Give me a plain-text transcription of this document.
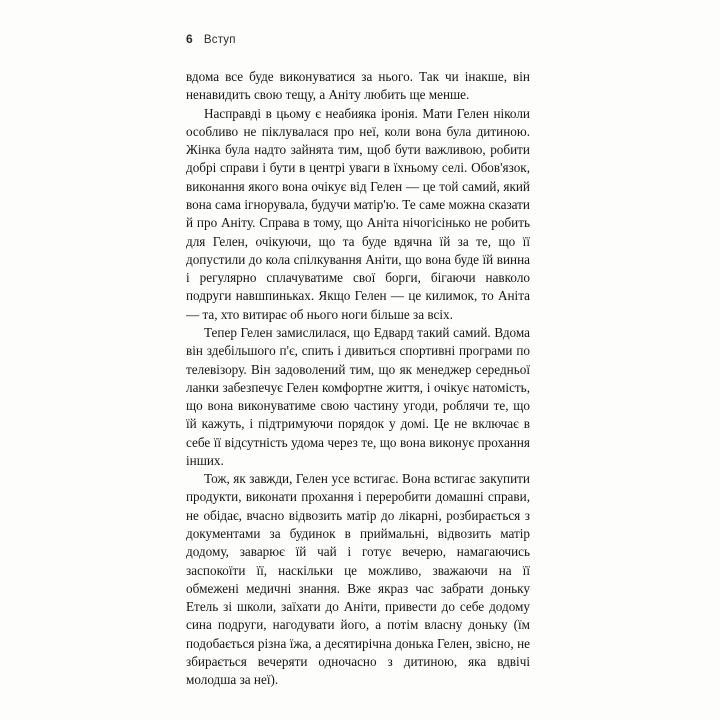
6 Вступ

вдома все буде виконуватися за нього. Так чи інакше, він ненавидить свою тещу, а Аніту любить ще менше.

Насправді в цьому є неабияка іронія. Мати Гелен ніколи особливо не піклувалася про неї, коли вона була дитиною. Жінка була надто зайнята тим, щоб бути важливою, робити добрі справи і бути в центрі уваги в їхньому селі. Обов'язок, виконання якого вона очікує від Гелен — це той самий, який вона сама ігнорувала, будучи матір'ю. Те саме можна сказати й про Аніту. Справа в тому, що Аніта нічогісінько не робить для Гелен, очікуючи, що та буде вдячна їй за те, що її допустили до кола спілкування Аніти, що вона буде їй винна і регулярно сплачуватиме свої борги, бігаючи навколо подруги навшпиньках. Якщо Гелен — це килимок, то Аніта — та, хто витирає об нього ноги більше за всіх.

Тепер Гелен замислилася, що Едвард такий самий. Вдома він здебільшого п'є, спить і дивиться спортивні програми по телевізору. Він задоволений тим, що як менеджер середньої ланки забезпечує Гелен комфортне життя, і очікує натомість, що вона виконуватиме свою частину угоди, роблячи те, що їй кажуть, і підтримуючи порядок у домі. Це не включає в себе її відсутність удома через те, що вона виконує прохання інших.

Тож, як завжди, Гелен усе встигає. Вона встигає закупити продукти, виконати прохання і переробити домашні справи, не обідає, вчасно відвозить матір до лікарні, розбирається з документами за будинок в приймальні, відвозить матір додому, заварює їй чай і готує вечерю, намагаючись заспокоїти її, наскільки це можливо, зважаючи на її обмежені медичні знання. Вже якраз час забрати доньку Етель зі школи, заїхати до Аніти, привести до себе додому сина подруги, нагодувати його, а потім власну доньку (їм подобається різна їжа, а десятирічна донька Гелен, звісно, не збирається вечеряти одночасно з дитиною, яка вдвічі молодша за неї).
